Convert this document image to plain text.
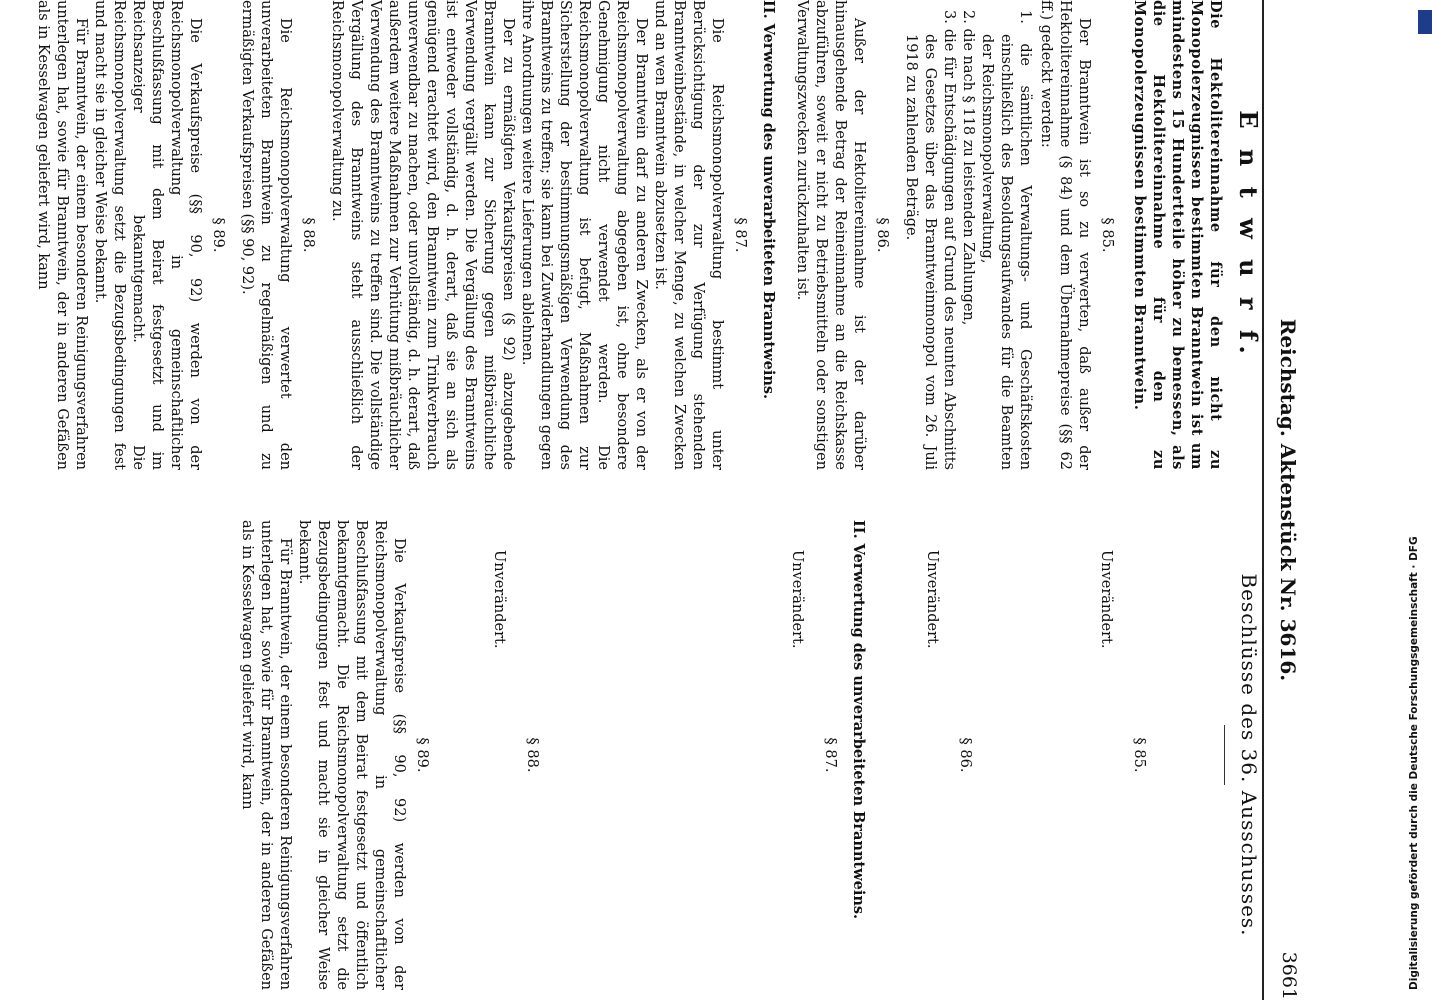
Reichstag. Aktenstück Nr. 3616.
3661
E n t w u r f.

Die Hektolitereinnahme für den nicht zu Monopolerzeugnissen bestimmten Branntwein ist um mindestens 15 Hundertteile höher zu bemessen, als die Hektolitereinnahme für den zu Monopolerzeugnissen bestimmten Branntwein.

§ 85.

Der Branntwein ist so zu verwerten, daß außer der Hektolitereinnahme (§ 84) und dem Übernahmepreise (§§ 62 ff.) gedeckt werden:

1. die sämtlichen Verwaltungs- und Geschäftskosten einschließlich des Besoldungsaufwandes für die Beamten der Reichsmonopolverwaltung,
2. die nach § 118 zu leistenden Zahlungen,
3. die für Entschädigungen auf Grund des neunten Abschnitts des Gesetzes über das Branntweinmonopol vom 26. Juli 1918 zu zahlenden Beträge.
§ 86.

Außer der Hektolitereinnahme ist der darüber hinausgehende Betrag der Reineinnahme an die Reichskasse abzuführen, soweit er nicht zu Betriebsmitteln oder sonstigen Verwaltungszwecken zurückzuhalten ist.

II. Verwertung des unverarbeiteten Branntweins.
§ 87.

Die Reichsmonopolverwaltung bestimmt unter Berücksichtigung der zur Verfügung stehenden Branntweinbestände, in welcher Menge, zu welchen Zwecken und an wen Branntwein abzusetzen ist.

Der Branntwein darf zu anderen Zwecken, als er von der Reichsmonopolverwaltung abgegeben ist, ohne besondere Genehmigung nicht verwendet werden. Die Reichsmonopolverwaltung ist befugt, Maßnahmen zur Sicherstellung der bestimmungsmäßigen Verwendung des Branntweins zu treffen; sie kann bei Zuwiderhandlungen gegen ihre Anordnungen weitere Lieferungen ablehnen.

Der zu ermäßigten Verkaufspreisen (§ 92) abzugebende Branntwein kann zur Sicherung gegen mißbräuchliche Verwendung vergällt werden. Die Vergällung des Branntweins ist entweder vollständig, d. h. derart, daß sie an sich als genügend erachtet wird, den Branntwein zum Trinkverbrauch unverwendbar zu machen, oder unvollständig, d. h. derart, daß außerdem weitere Maßnahmen zur Verhütung mißbräuchlicher Verwendung des Branntweins zu treffen sind. Die vollständige Vergällung des Branntweins steht ausschließlich der Reichsmonopolverwaltung zu.

§ 88.

Die Reichsmonopolverwaltung verwertet den unverarbeiteten Branntwein zu regelmäßigen und zu ermäßigten Verkaufspreisen (§§ 90, 92).

§ 89.

Die Verkaufspreise (§§ 90, 92) werden von der Reichsmonopolverwaltung in gemeinschaftlicher Beschlußfassung mit dem Beirat festgesetzt und im Reichsanzeiger bekanntgemacht. Die Reichsmonopolverwaltung setzt die Bezugsbedingungen fest und macht sie in gleicher Weise bekannt.

Für Branntwein, der einem besonderen Reinigungsverfahren unterlegen hat, sowie für Branntwein, der in anderen Gefäßen als in Kesselwagen geliefert wird, kann

Beschlüsse des 36. Ausschusses.
§ 85.

Unverändert.

§ 86.

Unverändert.

II. Verwertung des unverarbeiteten Branntweins.
§ 87.

Unverändert.

§ 88.

Unverändert.

§ 89.

Die Verkaufspreise (§§ 90, 92) werden von der Reichsmonopolverwaltung in gemeinschaftlicher Beschlußfassung mit dem Beirat festgesetzt und öffentlich bekanntgemacht. Die Reichsmonopolverwaltung setzt die Bezugsbedingungen fest und macht sie in gleicher Weise bekannt.

Für Branntwein, der einem besonderen Reinigungsverfahren unterlegen hat, sowie für Branntwein, der in anderen Gefäßen als in Kesselwagen geliefert wird, kann	Digitalisierung gefördert durch die Deutsche Forschungsgemeinschaft · DFG
